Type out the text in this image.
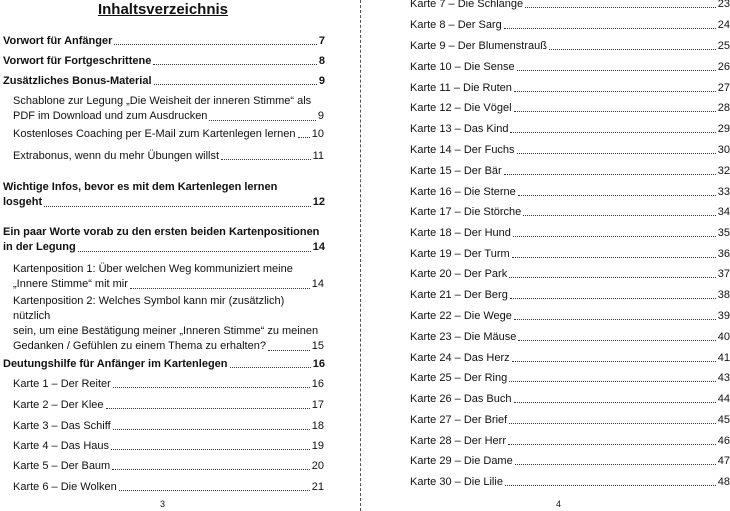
Inhaltsverzeichnis
Vorwort für Anfänger	7
Vorwort für Fortgeschrittene	8
Zusätzliches Bonus-Material	9
Schablone zur Legung „Die Weisheit der inneren Stimme“ als
PDF im Download und zum Ausdrucken	9
Kostenloses Coaching per E-Mail zum Kartenlegen lernen 10
Extrabonus, wenn du mehr Übungen willst	11
Wichtige Infos, bevor es mit dem Kartenlegen lernen
losgeht	12
Ein paar Worte vorab zu den ersten beiden Kartenpositionen
in der Legung	14
Kartenposition 1: Über welchen Weg kommuniziert meine
„Innere Stimme“ mit mir	14
Kartenposition 2: Welches Symbol kann mir (zusätzlich) nützlich
sein, um eine Bestätigung meiner „Inneren Stimme“ zu meinen
Gedanken / Gefühlen zu einem Thema zu erhalten?	15
Deutungshilfe für Anfänger im Kartenlegen	16
Karte 1 – Der Reiter	16
Karte 2 – Der Klee	17
Karte 3 – Das Schiff	18
Karte 4 – Das Haus	19
Karte 5 – Der Baum	20
Karte 6 – Die Wolken	21
3
Karte 7 – Die Schlange	23
Karte 8 – Der Sarg	24
Karte 9 – Der Blumenstrauß	25
Karte 10 – Die Sense	26
Karte 11 – Die Ruten	27
Karte 12 – Die Vögel	28
Karte 13 – Das Kind	29
Karte 14 – Der Fuchs	30
Karte 15 – Der Bär	32
Karte 16 – Die Sterne	33
Karte 17 – Die Störche	34
Karte 18 – Der Hund	35
Karte 19 – Der Turm	36
Karte 20 – Der Park	37
Karte 21 – Der Berg	38
Karte 22 – Die Wege	39
Karte 23 – Die Mäuse	40
Karte 24 – Das Herz	41
Karte 25 – Der Ring	43
Karte 26 – Das Buch	44
Karte 27 – Der Brief	45
Karte 28 – Der Herr	46
Karte 29 – Die Dame	47
Karte 30 – Die Lilie	48
4
